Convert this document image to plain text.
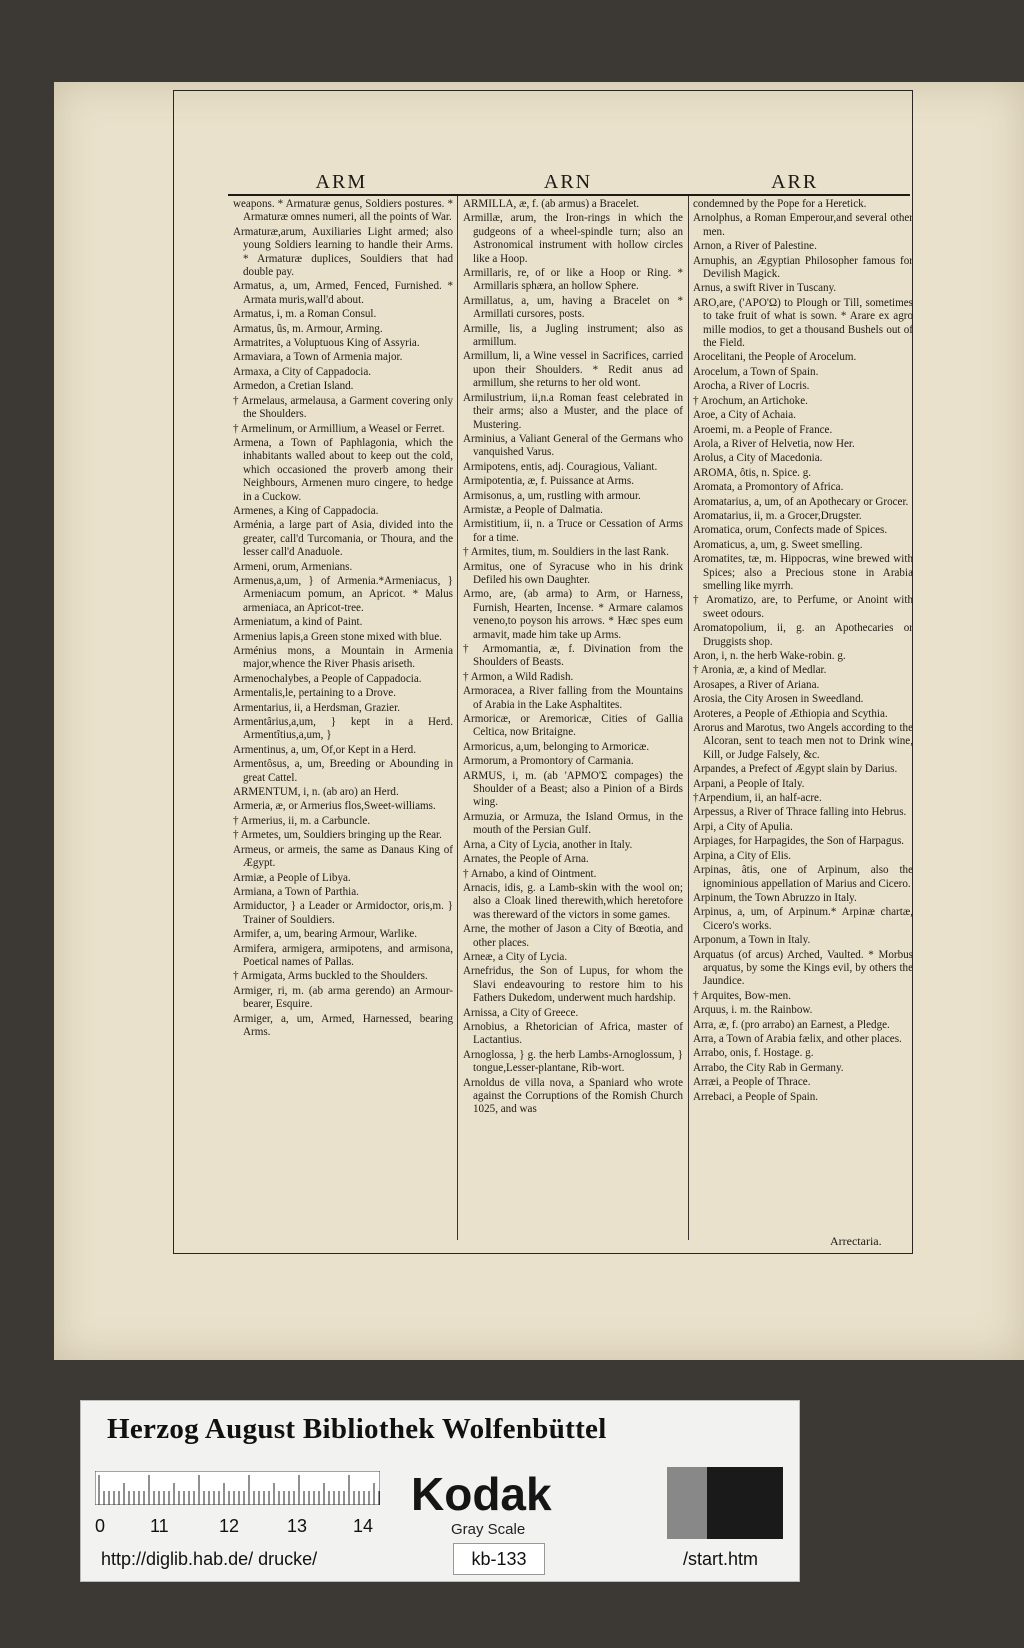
ARM	ARN	ARR
weapons. * Armaturæ genus, Soldiers postures. * Armaturæ omnes numeri, all the points of War.
Armaturæ,arum, Auxiliaries Light armed; also young Soldiers learning to handle their Arms. * Armaturæ duplices, Souldiers that had double pay.
Armatus, a, um, Armed, Fenced, Furnished. * Armata muris,wall'd about.
Armatus, i, m. a Roman Consul.
Armatus, ûs, m. Armour, Arming.
Armatrites, a Voluptuous King of Assyria.
Armaviara, a Town of Armenia major.
Armaxa, a City of Cappadocia.
Armedon, a Cretian Island.
† Armelaus, armelausa, a Garment covering only the Shoulders.
† Armelinum, or Armillium, a Weasel or Ferret.
Armena, a Town of Paphlagonia, which the inhabitants walled about to keep out the cold, which occasioned the proverb among their Neighbours, Armenen muro cingere, to hedge in a Cuckow.
Armenes, a King of Cappadocia.
Arménia, a large part of Asia, divided into the greater, call'd Turcomania, or Thoura, and the lesser call'd Anaduole.
Armeni, orum, Armenians.
Armenus,a,um, } of Armenia.*Armeniacus, } Armeniacum pomum, an Apricot. * Malus armeniaca, an Apricot-tree.
Armeniatum, a kind of Paint.
Armenius lapis,a Green stone mixed with blue.
Arménius mons, a Mountain in Armenia major,whence the River Phasis ariseth.
Armenochalybes, a People of Cappadocia.
Armentalis,le, pertaining to a Drove.
Armentarius, ii, a Herdsman, Grazier.
Armentârius,a,um, } kept in a Herd. Armentîtius,a,um, }
Armentinus, a, um, Of,or Kept in a Herd.
Armentôsus, a, um, Breeding or Abounding in great Cattel.
ARMENTUM, i, n. (ab aro) an Herd.
Armeria, æ, or Armerius flos,Sweet-williams.
† Armerius, ii, m. a Carbuncle.
† Armetes, um, Souldiers bringing up the Rear.
Armeus, or armeis, the same as Danaus King of Ægypt.
Armiæ, a People of Libya.
Armiana, a Town of Parthia.
Armiductor, } a Leader or Armidoctor, oris,m. } Trainer of Souldiers.
Armifer, a, um, bearing Armour, Warlike.
Armifera, armigera, armipotens, and armisona, Poetical names of Pallas.
† Armigata, Arms buckled to the Shoulders.
Armiger, ri, m. (ab arma gerendo) an Armour-bearer, Esquire.
Armiger, a, um, Armed, Harnessed, bearing Arms.
ARMILLA, æ, f. (ab armus) a Bracelet.
Armillæ, arum, the Iron-rings in which the gudgeons of a wheel-spindle turn; also an Astronomical instrument with hollow circles like a Hoop.
Armillaris, re, of or like a Hoop or Ring. * Armillaris sphæra, an hollow Sphere.
Armillatus, a, um, having a Bracelet on * Armillati cursores, posts.
Armille, lis, a Jugling instrument; also as armillum.
Armillum, li, a Wine vessel in Sacrifices, carried upon their Shoulders. * Redit anus ad armillum, she returns to her old wont.
Armilustrium, ii,n.a Roman feast celebrated in their arms; also a Muster, and the place of Mustering.
Arminius, a Valiant General of the Germans who vanquished Varus.
Armipotens, entis, adj. Couragious, Valiant.
Armipotentia, æ, f. Puissance at Arms.
Armisonus, a, um, rustling with armour.
Armistæ, a People of Dalmatia.
Armistitium, ii, n. a Truce or Cessation of Arms for a time.
† Armites, tium, m. Souldiers in the last Rank.
Armitus, one of Syracuse who in his drink Defiled his own Daughter.
Armo, are, (ab arma) to Arm, or Harness, Furnish, Hearten, Incense. * Armare calamos veneno,to poyson his arrows. * Hæc spes eum armavit, made him take up Arms.
† Armomantia, æ, f. Divination from the Shoulders of Beasts.
† Armon, a Wild Radish.
Armoracea, a River falling from the Mountains of Arabia in the Lake Asphaltites.
Armoricæ, or Aremoricæ, Cities of Gallia Celtica, now Britaigne.
Armoricus, a,um, belonging to Armoricæ.
Armorum, a Promontory of Carmania.
ARMUS, i, m. (ab 'ΑΡΜΟ'Σ compages) the Shoulder of a Beast; also a Pinion of a Birds wing.
Armuzia, or Armuza, the Island Ormus, in the mouth of the Persian Gulf.
Arna, a City of Lycia, another in Italy.
Arnates, the People of Arna.
† Arnabo, a kind of Ointment.
Arnacis, idis, g. a Lamb-skin with the wool on; also a Cloak lined therewith,which heretofore was thereward of the victors in some games.
Arne, the mother of Jason a City of Bœotia, and other places.
Arneæ, a City of Lycia.
Arnefridus, the Son of Lupus, for whom the Slavi endeavouring to restore him to his Fathers Dukedom, underwent much hardship.
Arnissa, a City of Greece.
Arnobius, a Rhetorician of Africa, master of Lactantius.
Arnoglossa, } g. the herb Lambs-Arnoglossum, } tongue,Lesser-plantane, Rib-wort.
Arnoldus de villa nova, a Spaniard who wrote against the Corruptions of the Romish Church 1025, and was
condemned by the Pope for a Heretick.
Arnolphus, a Roman Emperour,and several other men.
Arnon, a River of Palestine.
Arnuphis, an Ægyptian Philosopher famous for Devilish Magick.
Arnus, a swift River in Tuscany.
ARO,are, ('ΑΡΟ'Ω) to Plough or Till, sometimes to take fruit of what is sown. * Arare ex agro mille modios, to get a thousand Bushels out of the Field.
Arocelitani, the People of Arocelum.
Arocelum, a Town of Spain.
Arocha, a River of Locris.
† Arochum, an Artichoke.
Aroe, a City of Achaia.
Aroemi, m. a People of France.
Arola, a River of Helvetia, now Her.
Arolus, a City of Macedonia.
AROMA, ôtis, n. Spice. g.
Aromata, a Promontory of Africa.
Aromatarius, a, um, of an Apothecary or Grocer.
Aromatarius, ii, m. a Grocer,Drugster.
Aromatica, orum, Confects made of Spices.
Aromaticus, a, um, g. Sweet smelling.
Aromatites, tæ, m. Hippocras, wine brewed with Spices; also a Precious stone in Arabia smelling like myrrh.
† Aromatizo, are, to Perfume, or Anoint with sweet odours.
Aromatopolium, ii, g. an Apothecaries or Druggists shop.
Aron, i, n. the herb Wake-robin. g.
† Aronia, æ, a kind of Medlar.
Arosapes, a River of Ariana.
Arosia, the City Arosen in Sweedland.
Aroteres, a People of Æthiopia and Scythia.
Arorus and Marotus, two Angels according to the Alcoran, sent to teach men not to Drink wine, Kill, or Judge Falsely, &c.
Arpandes, a Prefect of Ægypt slain by Darius.
Arpani, a People of Italy.
†Arpendium, ii, an half-acre.
Arpessus, a River of Thrace falling into Hebrus.
Arpi, a City of Apulia.
Arpiages, for Harpagides, the Son of Harpagus.
Arpina, a City of Elis.
Arpinas, âtis, one of Arpinum, also the ignominious appellation of Marius and Cicero.
Arpinum, the Town Abruzzo in Italy.
Arpinus, a, um, of Arpinum.* Arpinæ chartæ, Cicero's works.
Arponum, a Town in Italy.
Arquatus (of arcus) Arched, Vaulted. * Morbus arquatus, by some the Kings evil, by others the Jaundice.
† Arquites, Bow-men.
Arquus, i. m. the Rainbow.
Arra, æ, f. (pro arrabo) an Earnest, a Pledge.
Arra, a Town of Arabia fælix, and other places.
Arrabo, onis, f. Hostage. g.
Arrabo, the City Rab in Germany.
Arræi, a People of Thrace.
Arrebaci, a People of Spain.
Arrectaria.
Herzog August Bibliothek Wolfenbüttel
0 11	12	13	14
Kodak
Gray Scale
http://diglib.hab.de/ drucke/	kb-133	/start.htm
